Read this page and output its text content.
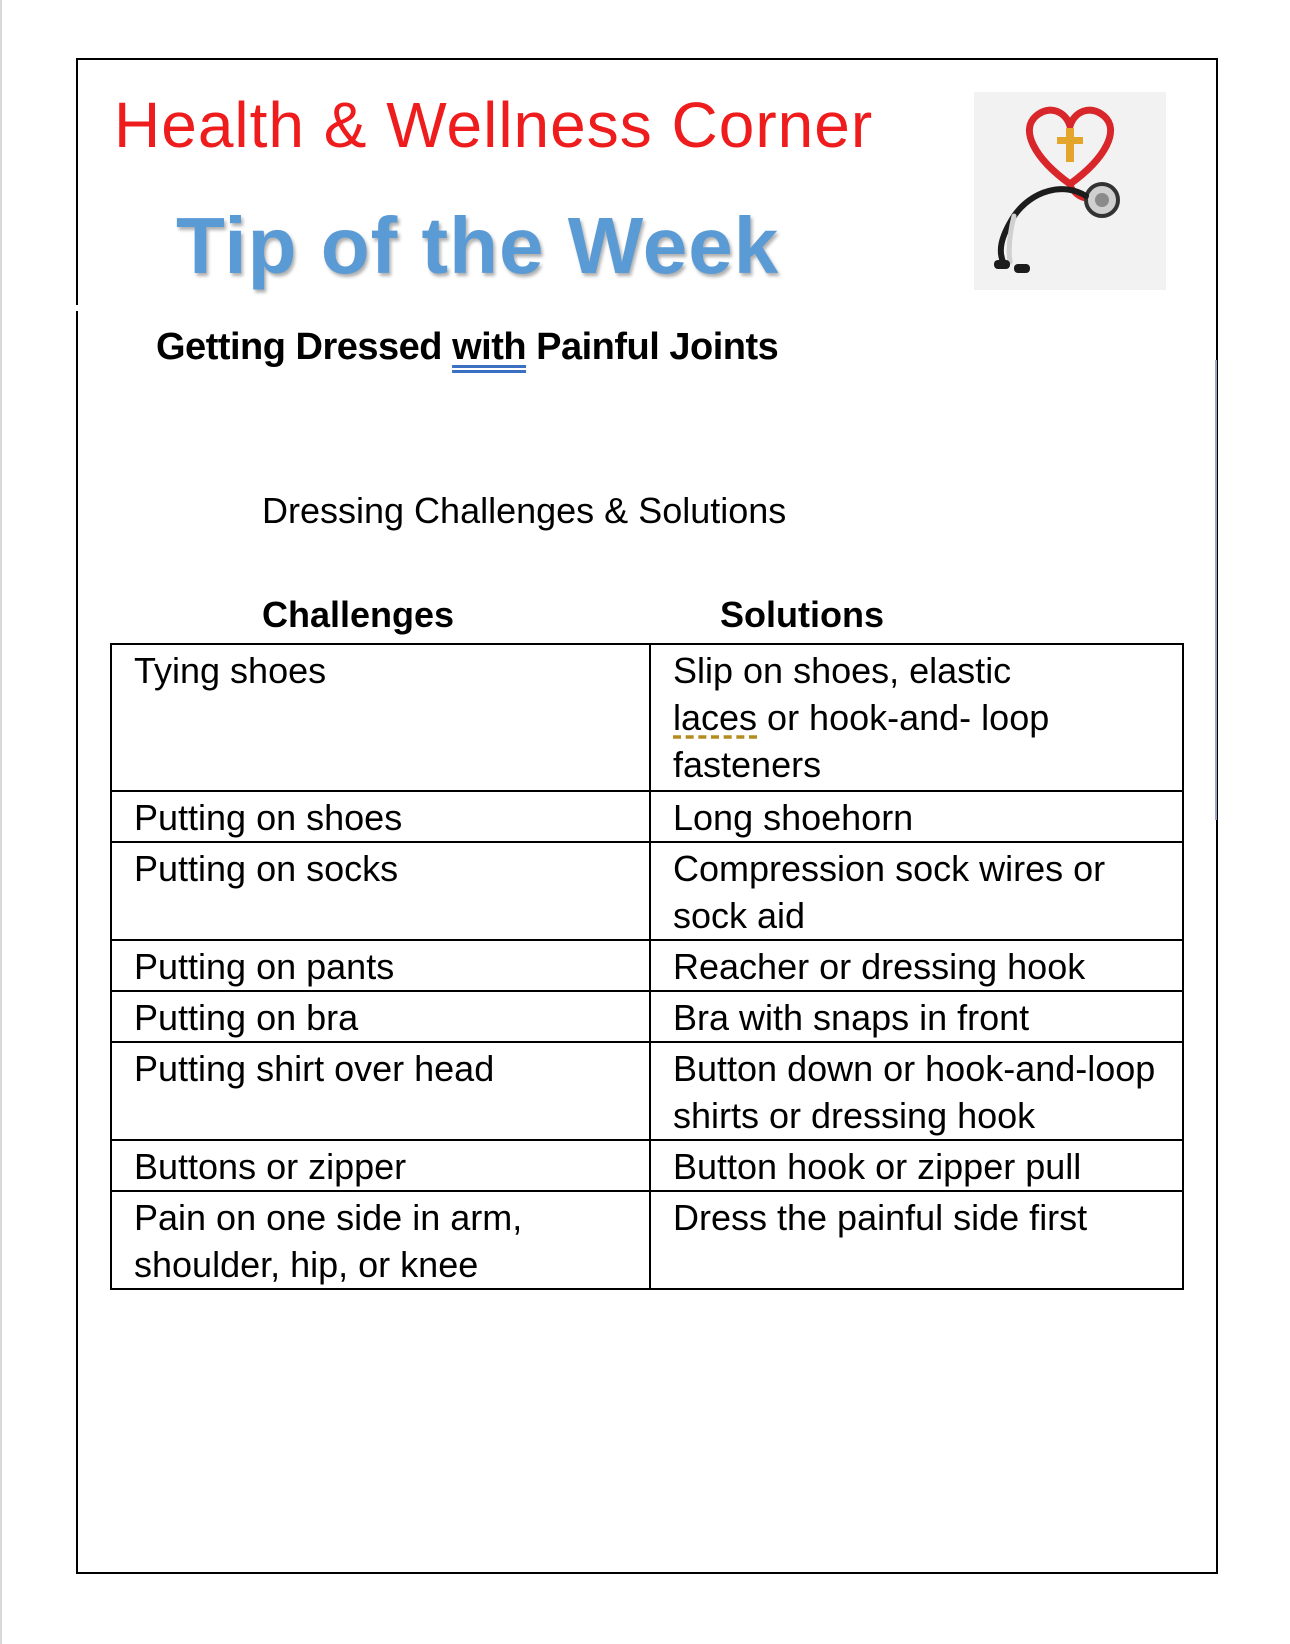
Health & Wellness Corner
Tip of the Week
Getting Dressed with Painful Joints

Dressing Challenges & Solutions

Challenges	Solutions
Tying shoes	Slip on shoes, elastic
laces or hook-and- loop fasteners
Putting on shoes	Long shoehorn
Putting on socks	Compression sock wires or sock aid
Putting on pants	Reacher or dressing hook
Putting on bra	Bra with snaps in front
Putting shirt over head	Button down or hook-and-loop shirts or dressing hook
Buttons or zipper	Button hook or zipper pull
Pain on one side in arm, shoulder, hip, or knee	Dress the painful side first
